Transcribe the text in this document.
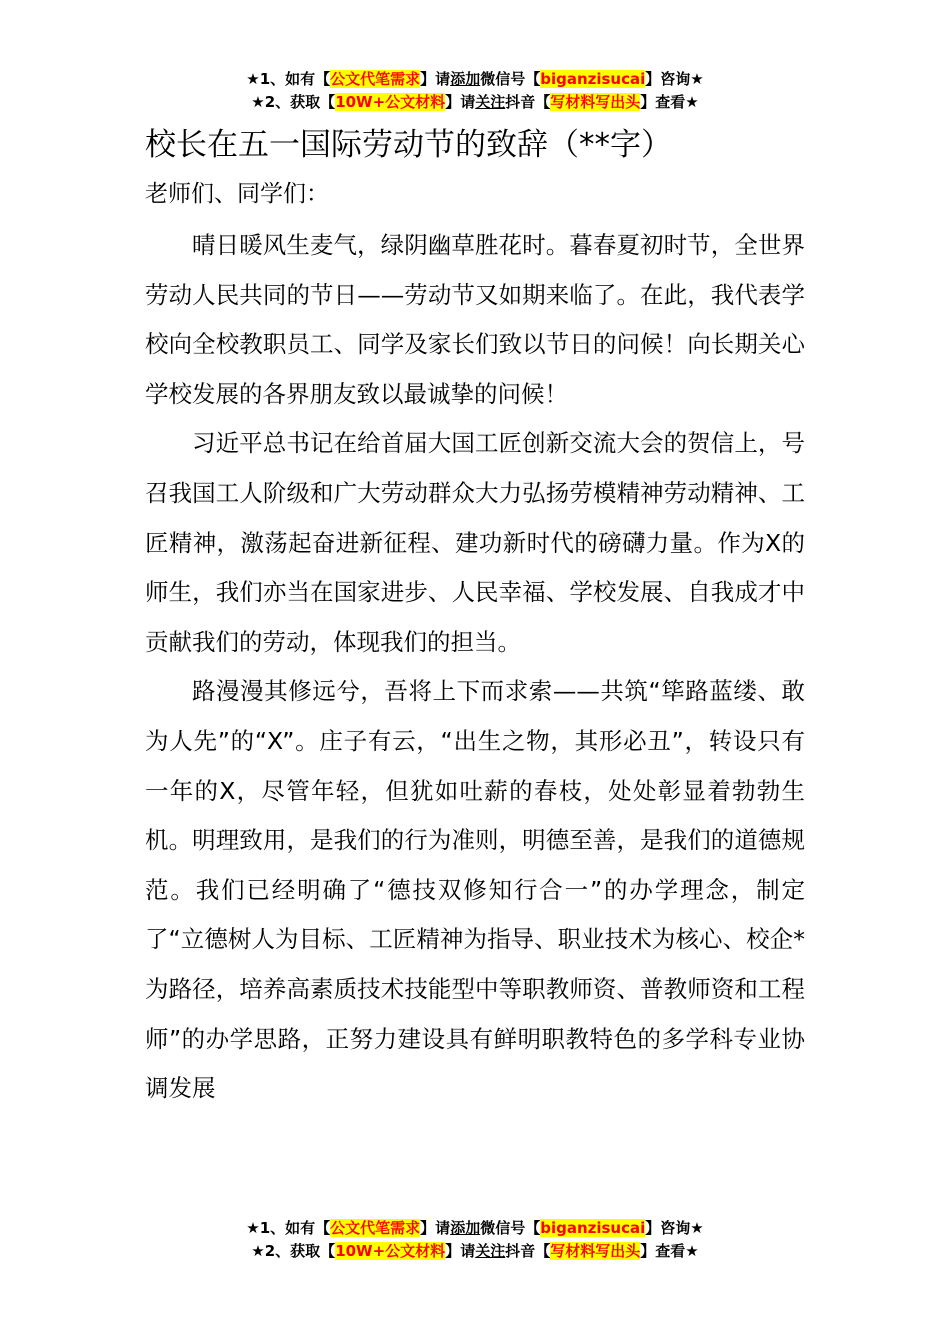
★1、如有【公文代笔需求】请添加微信号【biganzisucai】咨询★
★2、获取【10W+公文材料】请关注抖音【写材料写出头】查看★
校长在五一国际劳动节的致辞（**字）
老师们、同学们：

晴日暖风生麦气，绿阴幽草胜花时。暮春夏初时节，全世界劳动人民共同的节日——劳动节又如期来临了。在此，我代表学校向全校教职员工、同学及家长们致以节日的问候！向长期关心学校发展的各界朋友致以最诚挚的问候！

习近平总书记在给首届大国工匠创新交流大会的贺信上，号召我国工人阶级和广大劳动群众大力弘扬劳模精神劳动精神、工匠精神，激荡起奋进新征程、建功新时代的磅礴力量。作为X的师生，我们亦当在国家进步、人民幸福、学校发展、自我成才中贡献我们的劳动，体现我们的担当。

路漫漫其修远兮，吾将上下而求索——共筑“筚路蓝缕、敢为人先”的“X”。庄子有云，“出生之物，其形必丑”，转设只有一年的X，尽管年轻，但犹如吐薪的春枝，处处彰显着勃勃生机。明理致用，是我们的行为准则，明德至善，是我们的道德规范。我们已经明确了“德技双修知行合一”的办学理念，制定了“立德树人为目标、工匠精神为指导、职业技术为核心、校企*为路径，培养高素质技术技能型中等职教师资、普教师资和工程师”的办学思路，正努力建设具有鲜明职教特色的多学科专业协调发展

★1、如有【公文代笔需求】请添加微信号【biganzisucai】咨询★
★2、获取【10W+公文材料】请关注抖音【写材料写出头】查看★
